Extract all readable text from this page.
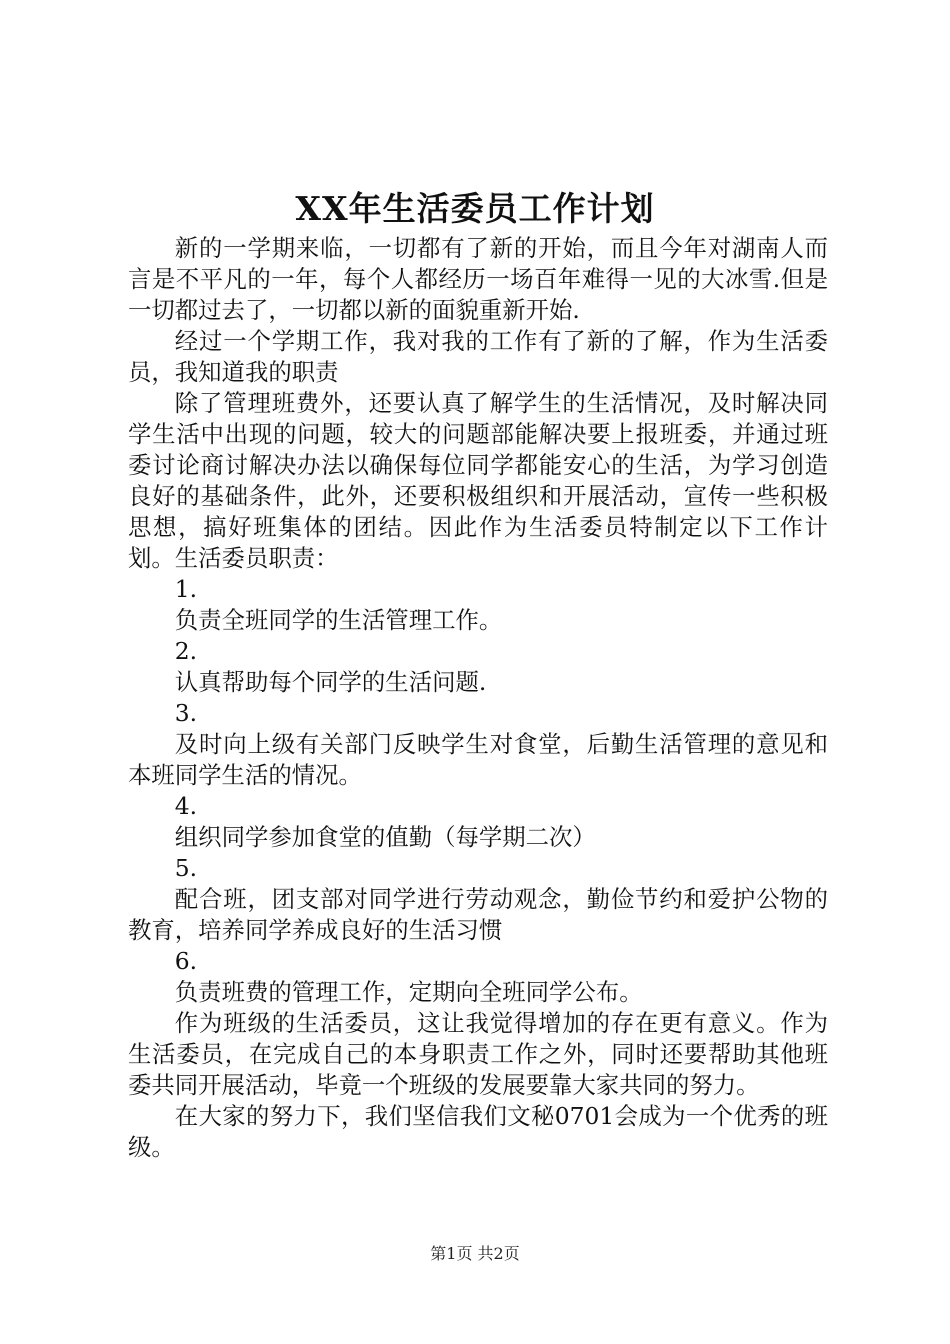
XX年生活委员工作计划

新的一学期来临，一切都有了新的开始，而且今年对湖南人而言是不平凡的一年，每个人都经历一场百年难得一见的大冰雪.但是一切都过去了，一切都以新的面貌重新开始.

经过一个学期工作，我对我的工作有了新的了解，作为生活委员，我知道我的职责

除了管理班费外，还要认真了解学生的生活情况，及时解决同学生活中出现的问题，较大的问题部能解决要上报班委，并通过班委讨论商讨解决办法以确保每位同学都能安心的生活，为学习创造良好的基础条件，此外，还要积极组织和开展活动，宣传一些积极思想，搞好班集体的团结。因此作为生活委员特制定以下工作计划。生活委员职责：

1.

负责全班同学的生活管理工作。

2.

认真帮助每个同学的生活问题.

3.

及时向上级有关部门反映学生对食堂，后勤生活管理的意见和本班同学生活的情况。

4.

组织同学参加食堂的值勤（每学期二次）

5.

配合班，团支部对同学进行劳动观念，勤俭节约和爱护公物的教育，培养同学养成良好的生活习惯

6.

负责班费的管理工作，定期向全班同学公布。

作为班级的生活委员，这让我觉得增加的存在更有意义。作为生活委员，在完成自己的本身职责工作之外，同时还要帮助其他班委共同开展活动，毕竟一个班级的发展要靠大家共同的努力。

在大家的努力下，我们坚信我们文秘0701会成为一个优秀的班级。

第1页 共2页
